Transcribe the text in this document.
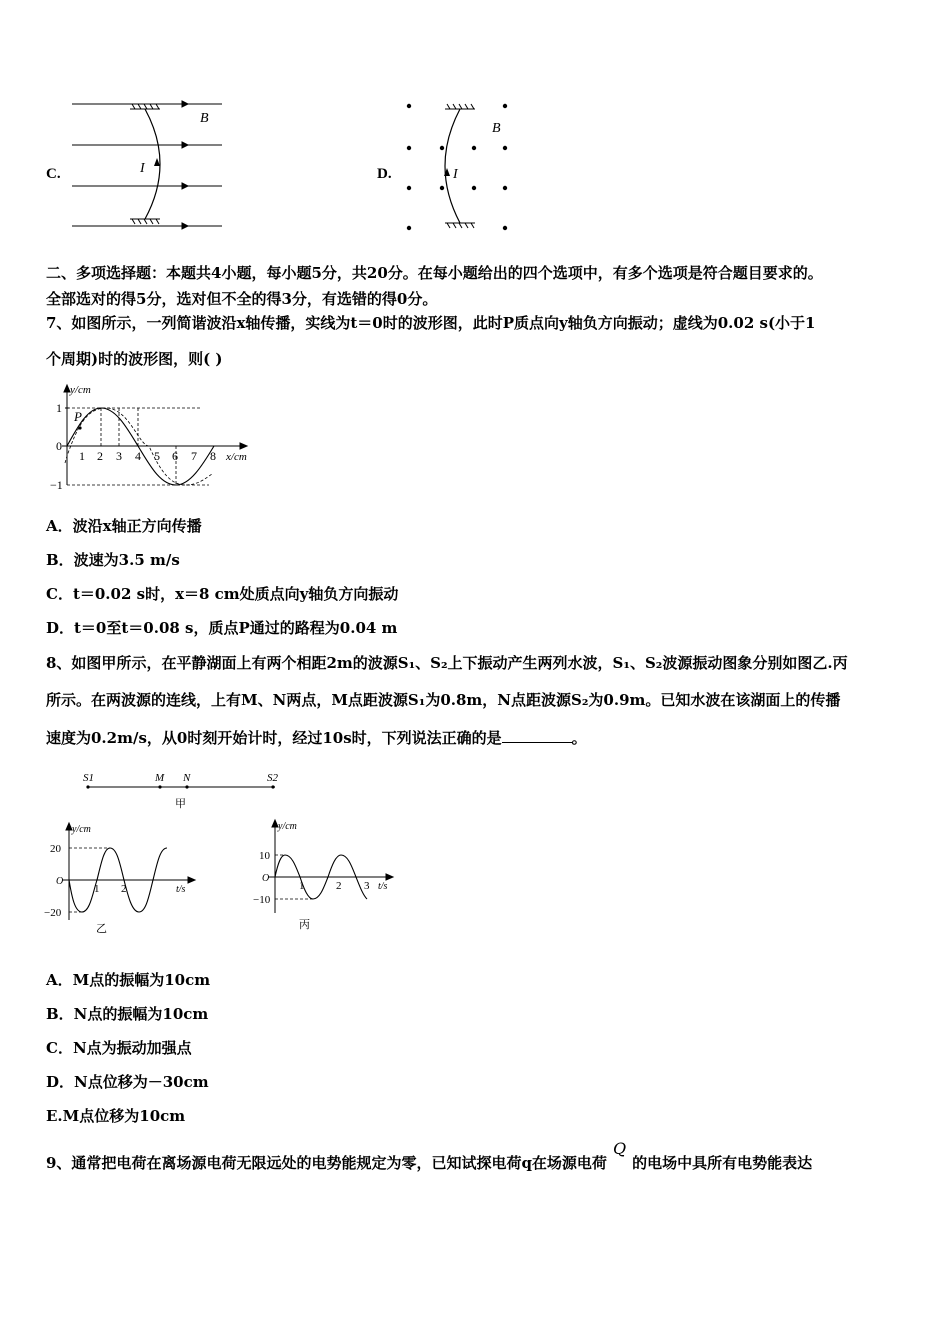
C.
B
I	D.
B
I
二、多项选择题：本题共4小题，每小题5分，共20分。在每小题给出的四个选项中，有多个选项是符合题目要求的。
全部选对的得5分，选对但不全的得3分，有选错的得0分。
7、如图所示，一列简谐波沿x轴传播，实线为t＝0时的波形图，此时P质点向y轴负方向振动；虚线为0.02 s(小于1
个周期)时的波形图，则( )
P
y/cm
x/cm
1
0
−1
1 2 3 4 5 6 7 8
A．波沿x轴正方向传播
B．波速为3.5 m/s
C．t＝0.02 s时，x＝8 cm处质点向y轴负方向振动
D．t＝0至t＝0.08 s，质点P通过的路程为0.04 m
8、如图甲所示，在平静湖面上有两个相距2m的波源S₁、S₂上下振动产生两列水波，S₁、S₂波源振动图象分别如图乙.丙
所示。在两波源的连线，上有M、N两点，M点距波源S₁为0.8m，N点距波源S₂为0.9m。已知水波在该湖面上的传播
速度为0.2m/s，从0时刻开始计时，经过10s时，下列说法正确的是	。
S1	M N	S2
甲
y/cm
t/s
O
20
−20
1 2
乙
y/cm
t/s
O
10
−10
1	2 3
丙
A．M点的振幅为10cm
B．N点的振幅为10cm
C．N点为振动加强点
D．N点位移为－30cm
E.M点位移为10cm
9、通常把电荷在离场源电荷无限远处的电势能规定为零，已知试探电荷q在场源电荷Q的电场中具所有电势能表达
